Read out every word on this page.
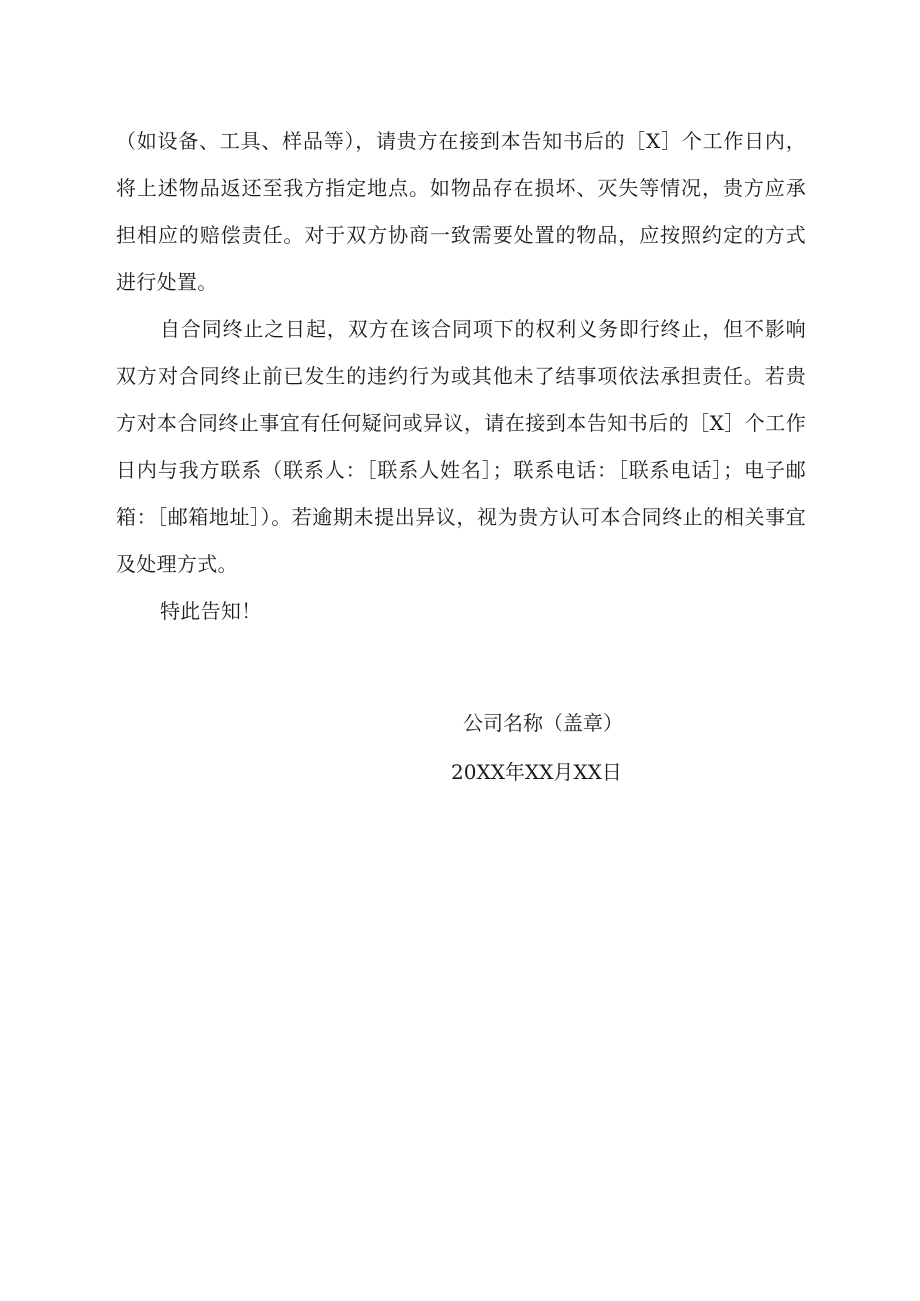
（如设备、工具、样品等），请贵方在接到本告知书后的［X］个工作日内，将上述物品返还至我方指定地点。如物品存在损坏、灭失等情况，贵方应承担相应的赔偿责任。对于双方协商一致需要处置的物品，应按照约定的方式进行处置。

自合同终止之日起，双方在该合同项下的权利义务即行终止，但不影响双方对合同终止前已发生的违约行为或其他未了结事项依法承担责任。若贵方对本合同终止事宜有任何疑问或异议，请在接到本告知书后的［X］个工作日内与我方联系（联系人：［联系人姓名］；联系电话：［联系电话］；电子邮箱：［邮箱地址］）。若逾期未提出异议，视为贵方认可本合同终止的相关事宜及处理方式。

特此告知！

公司名称（盖章）
20XX年XX月XX日
